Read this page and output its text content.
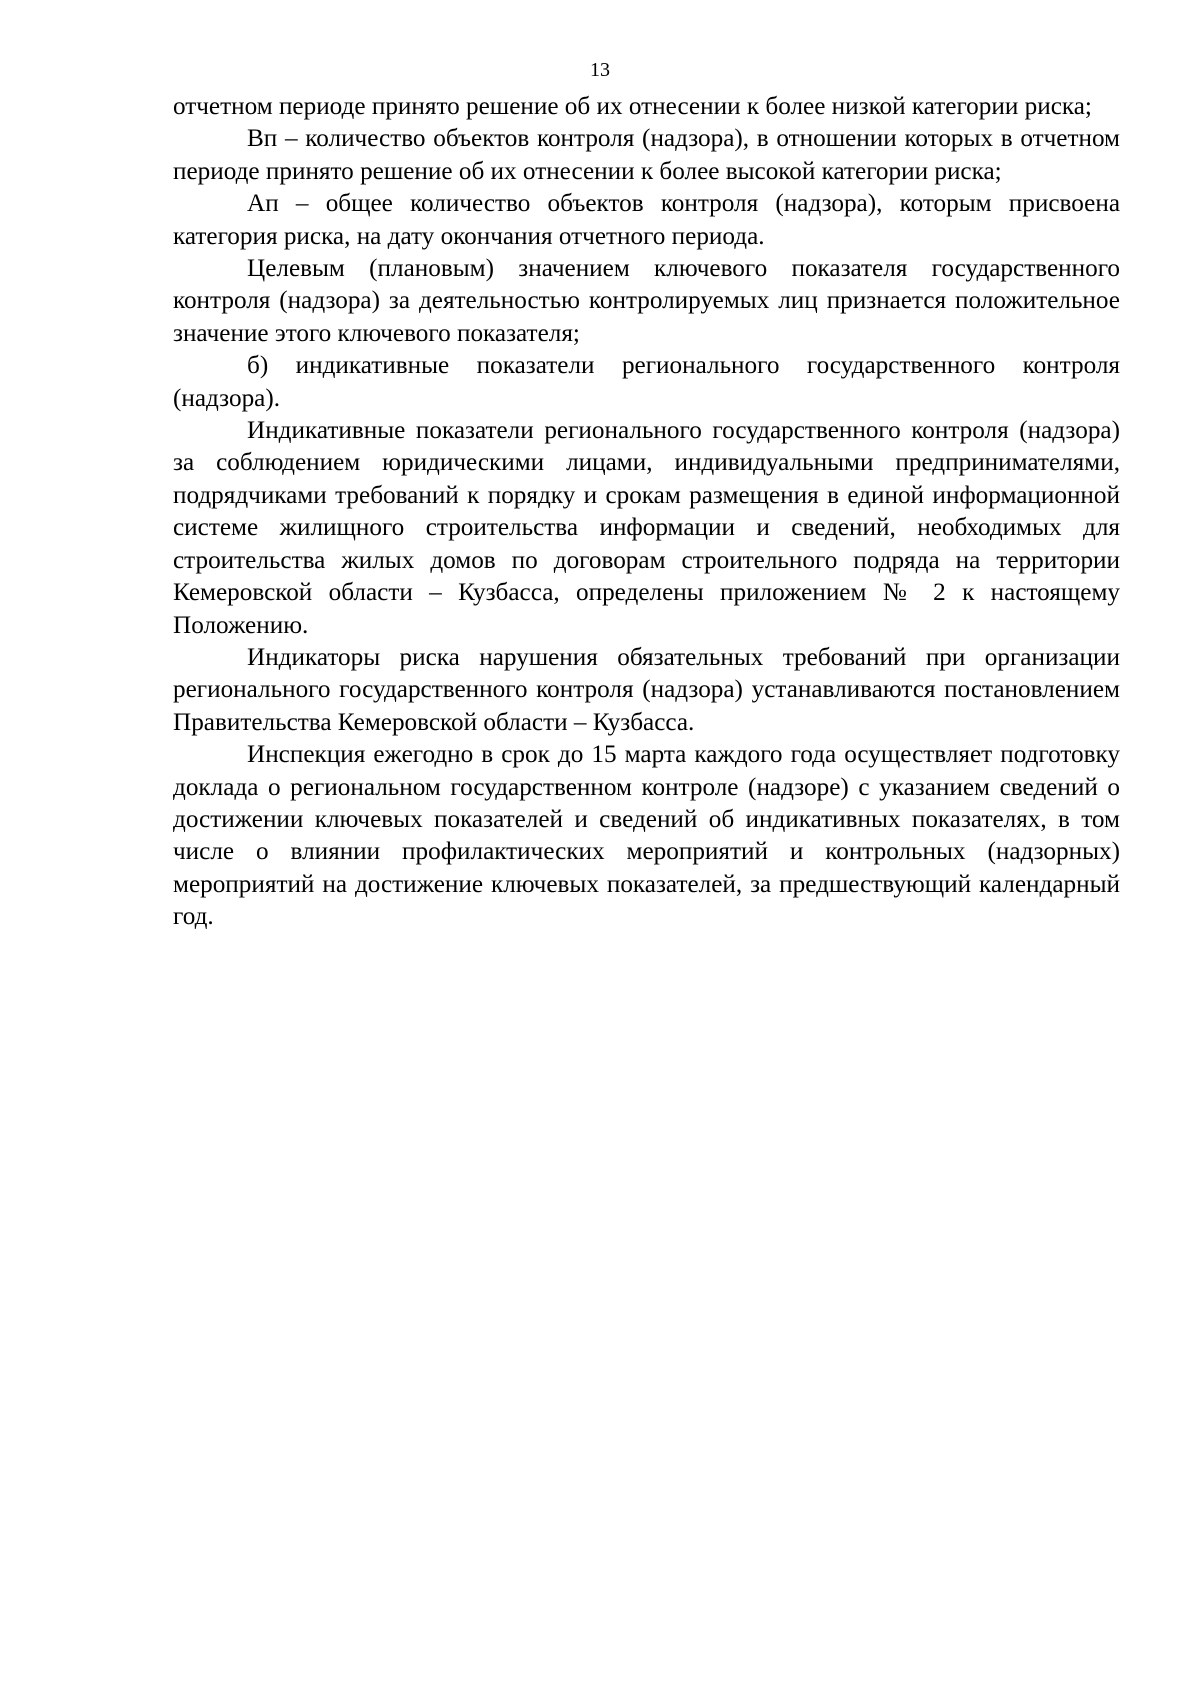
13

отчетном периоде принято решение об их отнесении к более низкой категории риска;

Вп – количество объектов контроля (надзора), в отношении которых в отчетном периоде принято решение об их отнесении к более высокой категории риска;

Ап – общее количество объектов контроля (надзора), которым присвоена категория риска, на дату окончания отчетного периода.

Целевым (плановым) значением ключевого показателя государственного контроля (надзора) за деятельностью контролируемых лиц признается положительное значение этого ключевого показателя;

б) индикативные показатели регионального государственного контроля (надзора).

Индикативные показатели регионального государственного контроля (надзора) за соблюдением юридическими лицами, индивидуальными предпринимателями, подрядчиками требований к порядку и срокам размещения в единой информационной системе жилищного строительства информации и сведений, необходимых для строительства жилых домов по договорам строительного подряда на территории Кемеровской области – Кузбасса, определены приложением № 2 к настоящему Положению.

Индикаторы риска нарушения обязательных требований при организации регионального государственного контроля (надзора) устанавливаются постановлением Правительства Кемеровской области – Кузбасса.

Инспекция ежегодно в срок до 15 марта каждого года осуществляет подготовку доклада о региональном государственном контроле (надзоре) с указанием сведений о достижении ключевых показателей и сведений об индикативных показателях, в том числе о влиянии профилактических мероприятий и контрольных (надзорных) мероприятий на достижение ключевых показателей, за предшествующий календарный год.
